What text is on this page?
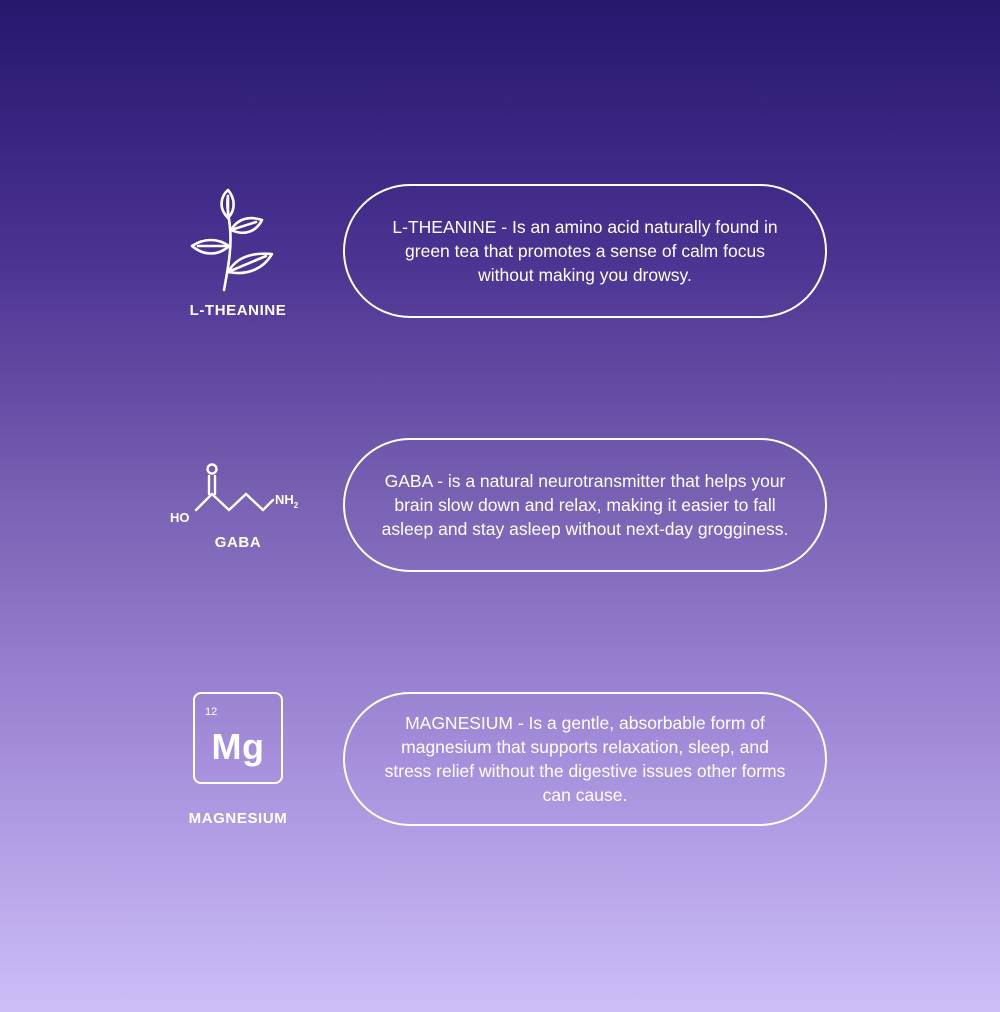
L-THEANINE

L-THEANINE - Is an amino acid naturally found in green tea that promotes a sense of calm focus without making you drowsy.

HO
$NH_2$
GABA

GABA - is a natural neurotransmitter that helps your brain slow down and relax, making it easier to fall asleep and stay asleep without next-day grogginess.

12
Mg
MAGNESIUM

MAGNESIUM - Is a gentle, absorbable form of magnesium that supports relaxation, sleep, and stress relief without the digestive issues other forms can cause.
